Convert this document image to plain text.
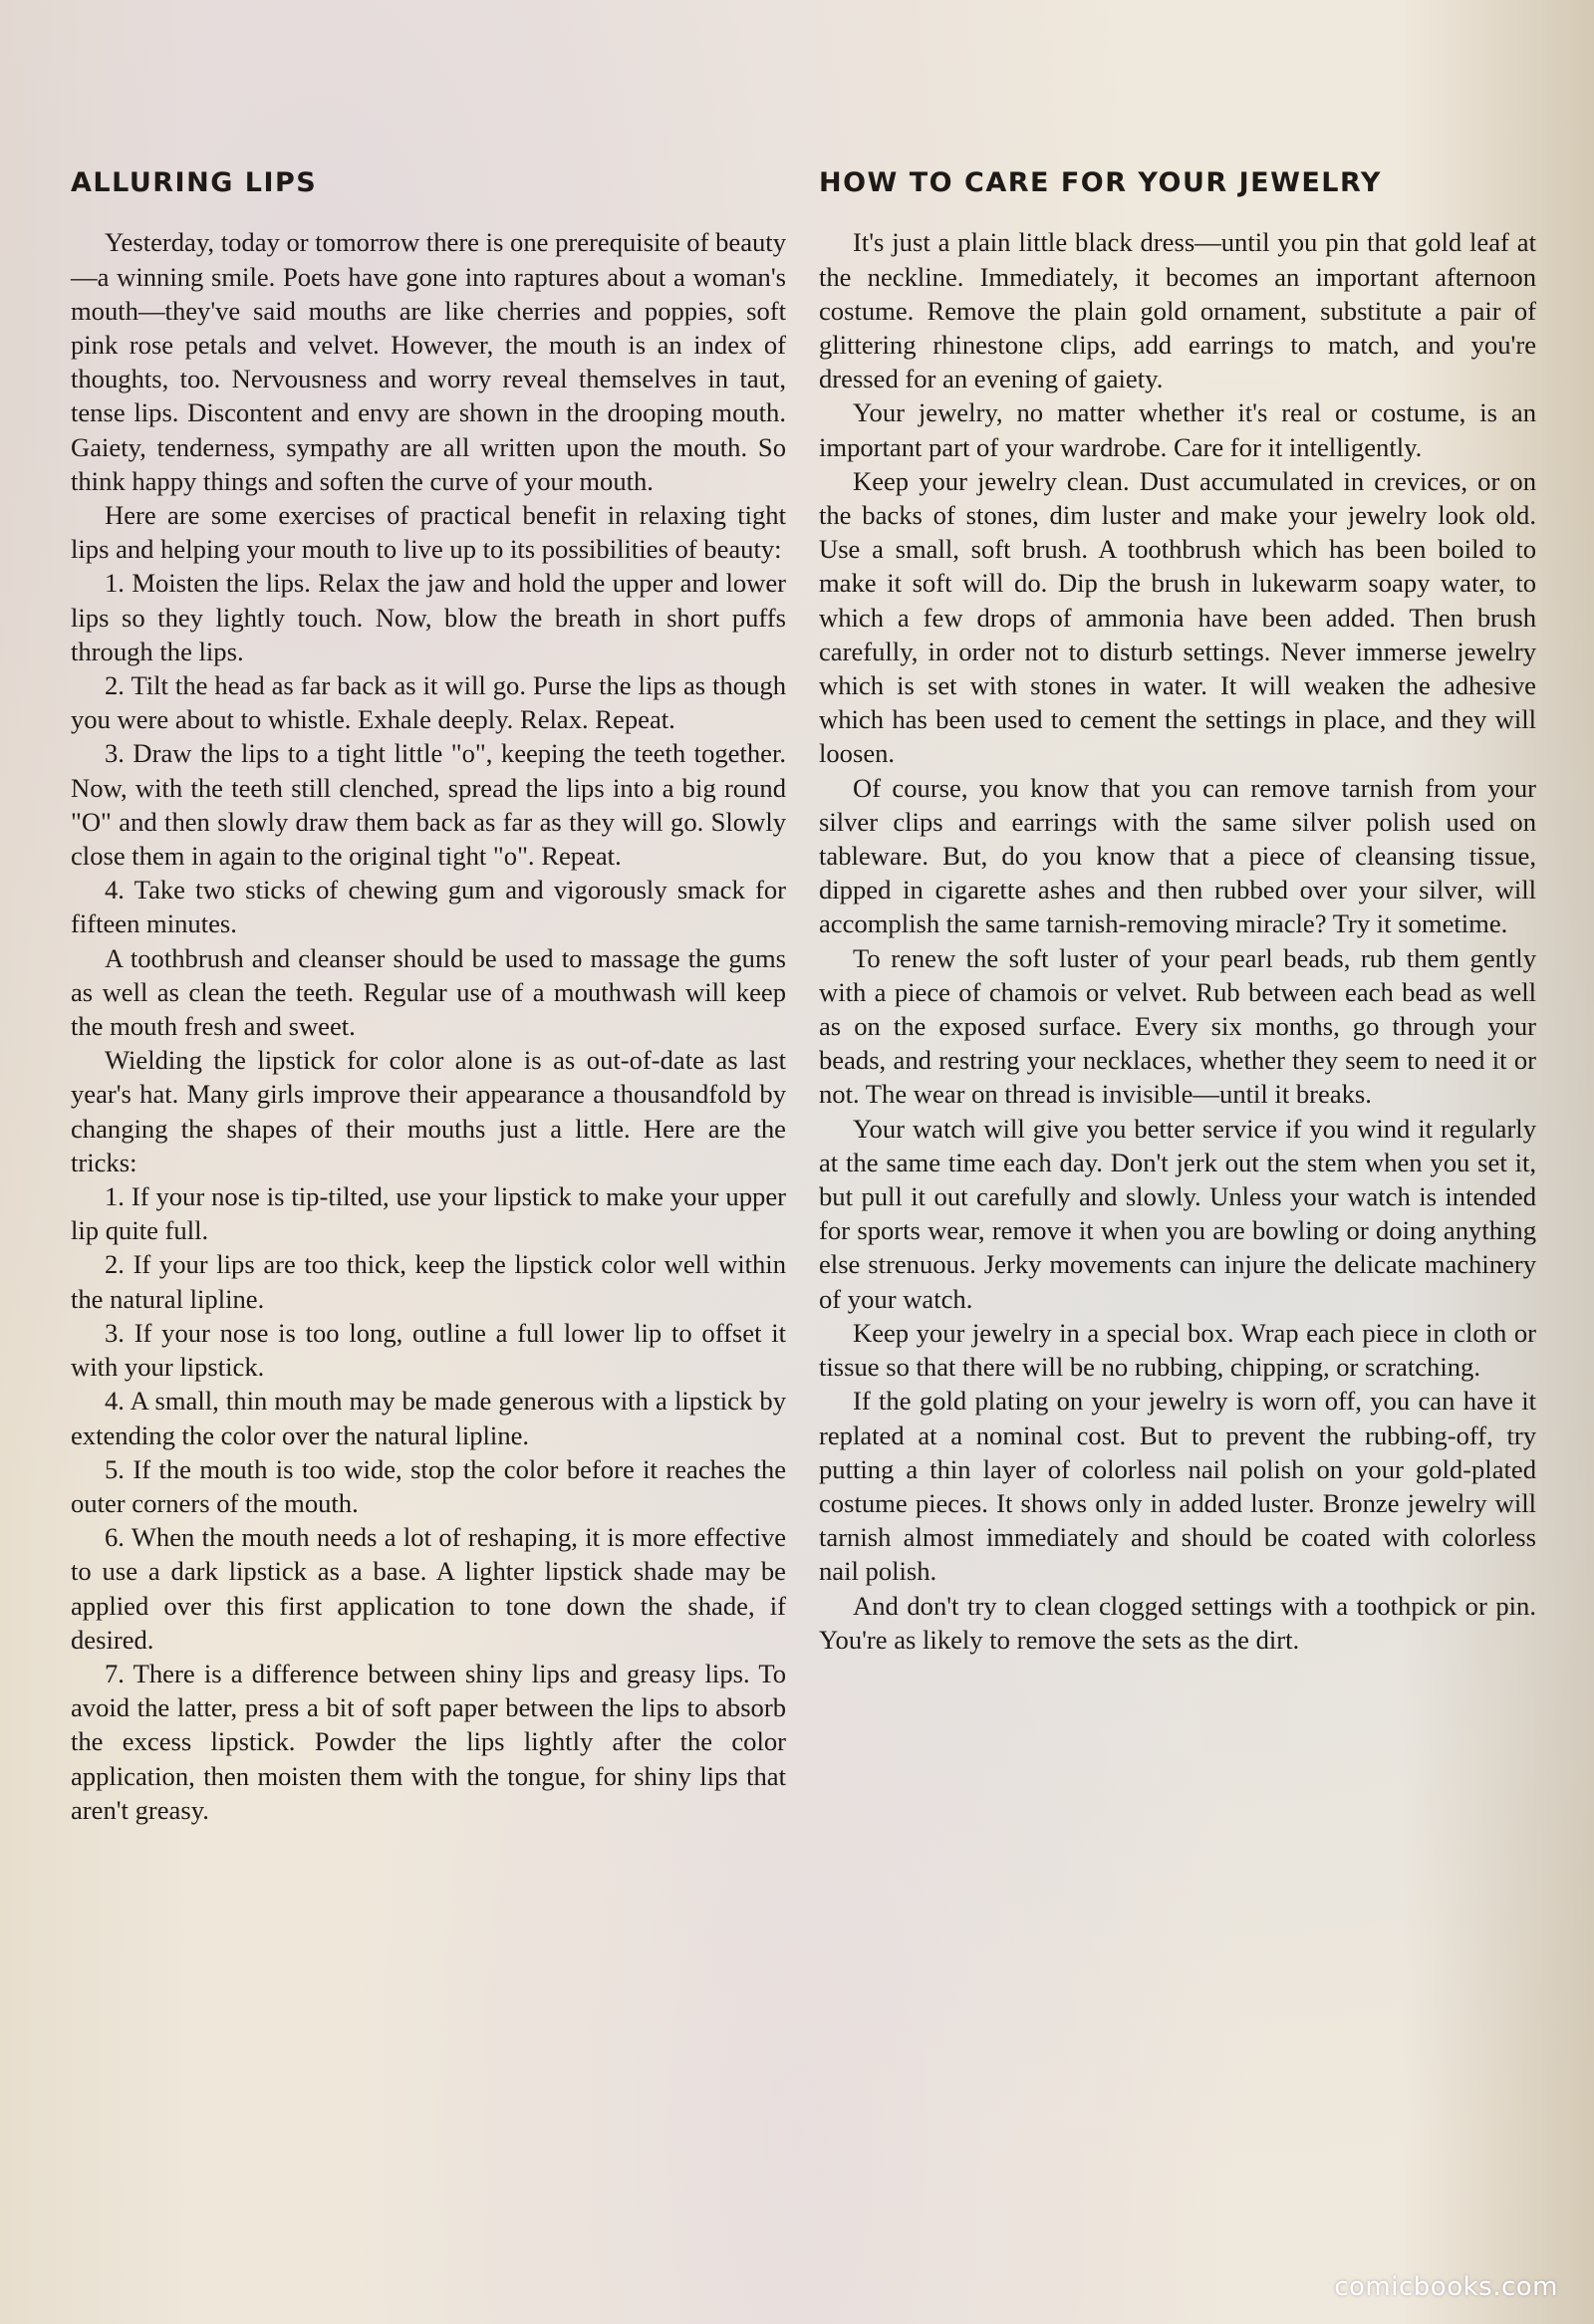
ALLURING LIPS

Yesterday, today or tomorrow there is one prerequisite of beauty—a winning smile. Poets have gone into raptures about a woman's mouth—they've said mouths are like cherries and poppies, soft pink rose petals and velvet. However, the mouth is an index of thoughts, too. Nervousness and worry reveal themselves in taut, tense lips. Discontent and envy are shown in the drooping mouth. Gaiety, tenderness, sympathy are all written upon the mouth. So think happy things and soften the curve of your mouth.

Here are some exercises of practical benefit in relaxing tight lips and helping your mouth to live up to its possibilities of beauty:

1. Moisten the lips. Relax the jaw and hold the upper and lower lips so they lightly touch. Now, blow the breath in short puffs through the lips.

2. Tilt the head as far back as it will go. Purse the lips as though you were about to whistle. Exhale deeply. Relax. Repeat.

3. Draw the lips to a tight little "o", keeping the teeth together. Now, with the teeth still clenched, spread the lips into a big round "O" and then slowly draw them back as far as they will go. Slowly close them in again to the original tight "o". Repeat.

4. Take two sticks of chewing gum and vigorously smack for fifteen minutes.

A toothbrush and cleanser should be used to massage the gums as well as clean the teeth. Regular use of a mouthwash will keep the mouth fresh and sweet.

Wielding the lipstick for color alone is as out-of-date as last year's hat. Many girls improve their appearance a thousandfold by changing the shapes of their mouths just a little. Here are the tricks:

1. If your nose is tip-tilted, use your lipstick to make your upper lip quite full.

2. If your lips are too thick, keep the lipstick color well within the natural lipline.

3. If your nose is too long, outline a full lower lip to offset it with your lipstick.

4. A small, thin mouth may be made generous with a lipstick by extending the color over the natural lipline.

5. If the mouth is too wide, stop the color before it reaches the outer corners of the mouth.

6. When the mouth needs a lot of reshaping, it is more effective to use a dark lipstick as a base. A lighter lipstick shade may be applied over this first application to tone down the shade, if desired.

7. There is a difference between shiny lips and greasy lips. To avoid the latter, press a bit of soft paper between the lips to absorb the excess lipstick. Powder the lips lightly after the color application, then moisten them with the tongue, for shiny lips that aren't greasy.

HOW TO CARE FOR YOUR JEWELRY

It's just a plain little black dress—until you pin that gold leaf at the neckline. Immediately, it becomes an important afternoon costume. Remove the plain gold ornament, substitute a pair of glittering rhinestone clips, add earrings to match, and you're dressed for an evening of gaiety.

Your jewelry, no matter whether it's real or costume, is an important part of your wardrobe. Care for it intelligently.

Keep your jewelry clean. Dust accumulated in crevices, or on the backs of stones, dim luster and make your jewelry look old. Use a small, soft brush. A toothbrush which has been boiled to make it soft will do. Dip the brush in lukewarm soapy water, to which a few drops of ammonia have been added. Then brush carefully, in order not to disturb settings. Never immerse jewelry which is set with stones in water. It will weaken the adhesive which has been used to cement the settings in place, and they will loosen.

Of course, you know that you can remove tarnish from your silver clips and earrings with the same silver polish used on tableware. But, do you know that a piece of cleansing tissue, dipped in cigarette ashes and then rubbed over your silver, will accomplish the same tarnish-removing miracle? Try it sometime.

To renew the soft luster of your pearl beads, rub them gently with a piece of chamois or velvet. Rub between each bead as well as on the exposed surface. Every six months, go through your beads, and restring your necklaces, whether they seem to need it or not. The wear on thread is invisible—until it breaks.

Your watch will give you better service if you wind it regularly at the same time each day. Don't jerk out the stem when you set it, but pull it out carefully and slowly. Unless your watch is intended for sports wear, remove it when you are bowling or doing anything else strenuous. Jerky movements can injure the delicate machinery of your watch.

Keep your jewelry in a special box. Wrap each piece in cloth or tissue so that there will be no rubbing, chipping, or scratching.

If the gold plating on your jewelry is worn off, you can have it replated at a nominal cost. But to prevent the rubbing-off, try putting a thin layer of colorless nail polish on your gold-plated costume pieces. It shows only in added luster. Bronze jewelry will tarnish almost immediately and should be coated with colorless nail polish.

And don't try to clean clogged settings with a toothpick or pin. You're as likely to remove the sets as the dirt.

comicbooks.com
